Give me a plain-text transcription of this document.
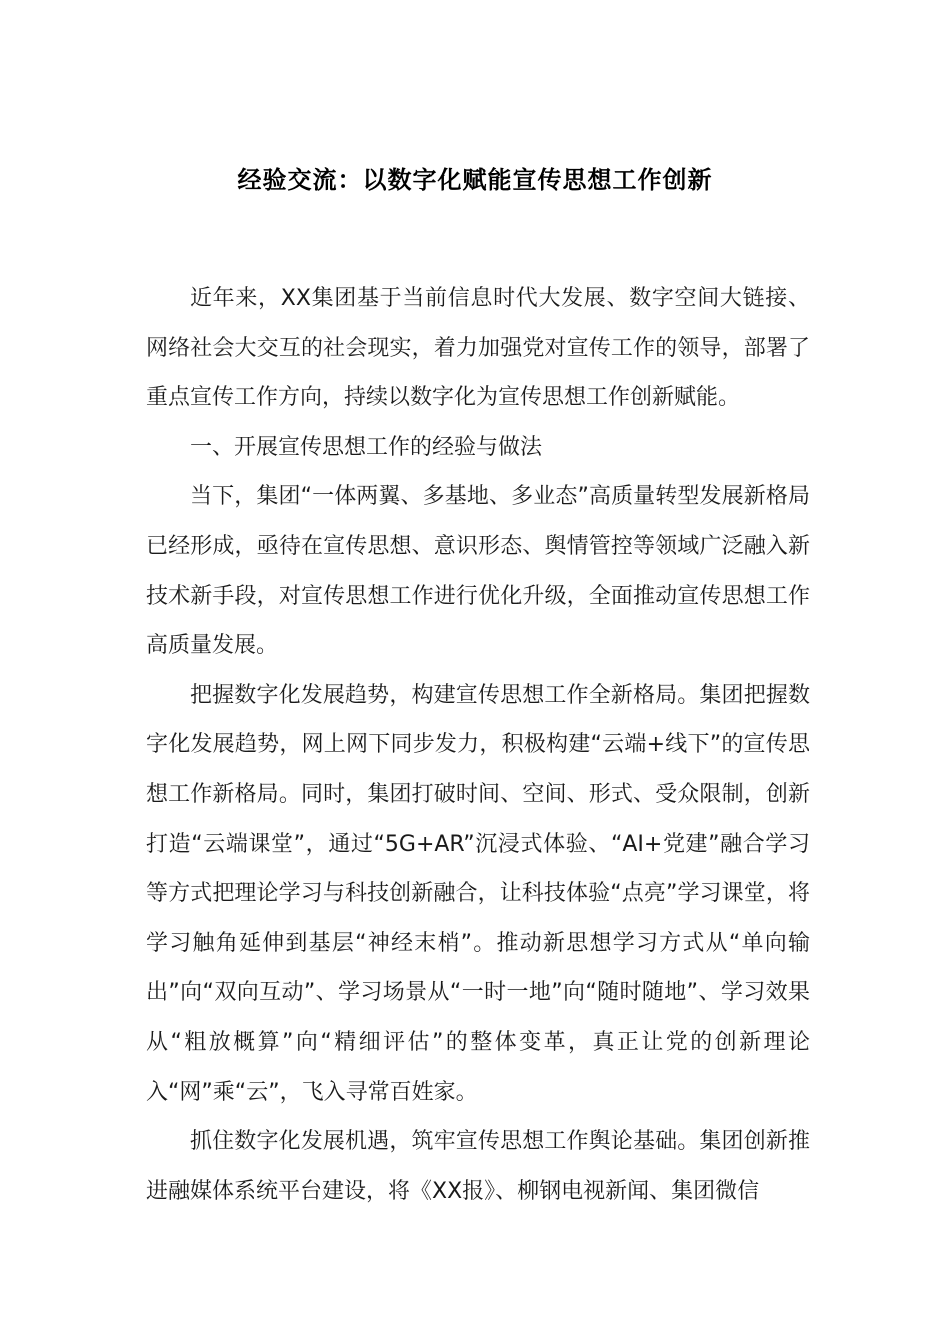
经验交流：以数字化赋能宣传思想工作创新

近年来，XX集团基于当前信息时代大发展、数字空间大链接、网络社会大交互的社会现实，着力加强党对宣传工作的领导，部署了重点宣传工作方向，持续以数字化为宣传思想工作创新赋能。

一、开展宣传思想工作的经验与做法

当下，集团“一体两翼、多基地、多业态”高质量转型发展新格局已经形成，亟待在宣传思想、意识形态、舆情管控等领域广泛融入新技术新手段，对宣传思想工作进行优化升级，全面推动宣传思想工作高质量发展。

把握数字化发展趋势，构建宣传思想工作全新格局。集团把握数字化发展趋势，网上网下同步发力，积极构建“云端+线下”的宣传思想工作新格局。同时，集团打破时间、空间、形式、受众限制，创新打造“云端课堂”，通过“5G+AR”沉浸式体验、“AI+党建”融合学习等方式把理论学习与科技创新融合，让科技体验“点亮”学习课堂，将学习触角延伸到基层“神经末梢”。推动新思想学习方式从“单向输出”向“双向互动”、学习场景从“一时一地”向“随时随地”、学习效果从“粗放概算”向“精细评估”的整体变革，真正让党的创新理论入“网”乘“云”，飞入寻常百姓家。

抓住数字化发展机遇，筑牢宣传思想工作舆论基础。集团创新推进融媒体系统平台建设，将《XX报》、柳钢电视新闻、集团微信
